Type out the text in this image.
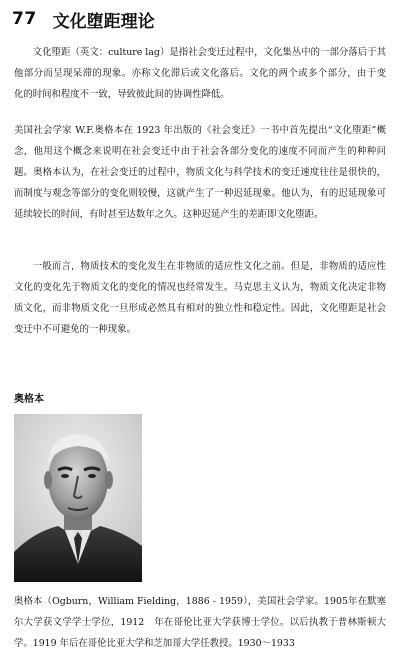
77 文化堕距理论

文化堕距（英文：culture lag）是指社会变迁过程中，文化集丛中的一部分落后于其他部分而呈现呆滞的现象。亦称文化滞后或文化落后。文化的两个或多个部分，由于变　化的时间和程度不一致，导致彼此间的协调性降低。

美国社会学家 W.F.奥格本在 1923 年出版的《社会变迁》一书中首先提出“文化堕距”概念，他用这个概念来说明在社会变迁中由于社会各部分变化的速度不同而产生的种种问题。奥格本认为，在社会变迁的过程中，物质文化与科学技术的变迁速度往往是很快的，而制度与观念等部分的变化则较慢，这就产生了一种迟延现象。他认为，有的迟延现象可延续较长的时间，有时甚至达数年之久。这种迟延产生的差距即文化堕距。

一般而言，物质技术的变化发生在非物质的适应性文化之前。但是，非物质的适应性　文化的变化先于物质文化的变化的情况也经常发生。马克思主义认为，物质文化决定非物质文化，而非物质文化一旦形成必然具有相对的独立性和稳定性。因此，文化堕距是社会　变迁中不可避免的一种现象。

奥格本

奥格本（Ogburn，William Fielding，1886 - 1959），美国社会学家。1905年在默塞尔大学获文学学士学位，1912　年在哥伦比亚大学获博士学位。以后执教于普林斯顿大学。1919 年后在哥伦比亚大学和芝加哥大学任教授。1930～1933
